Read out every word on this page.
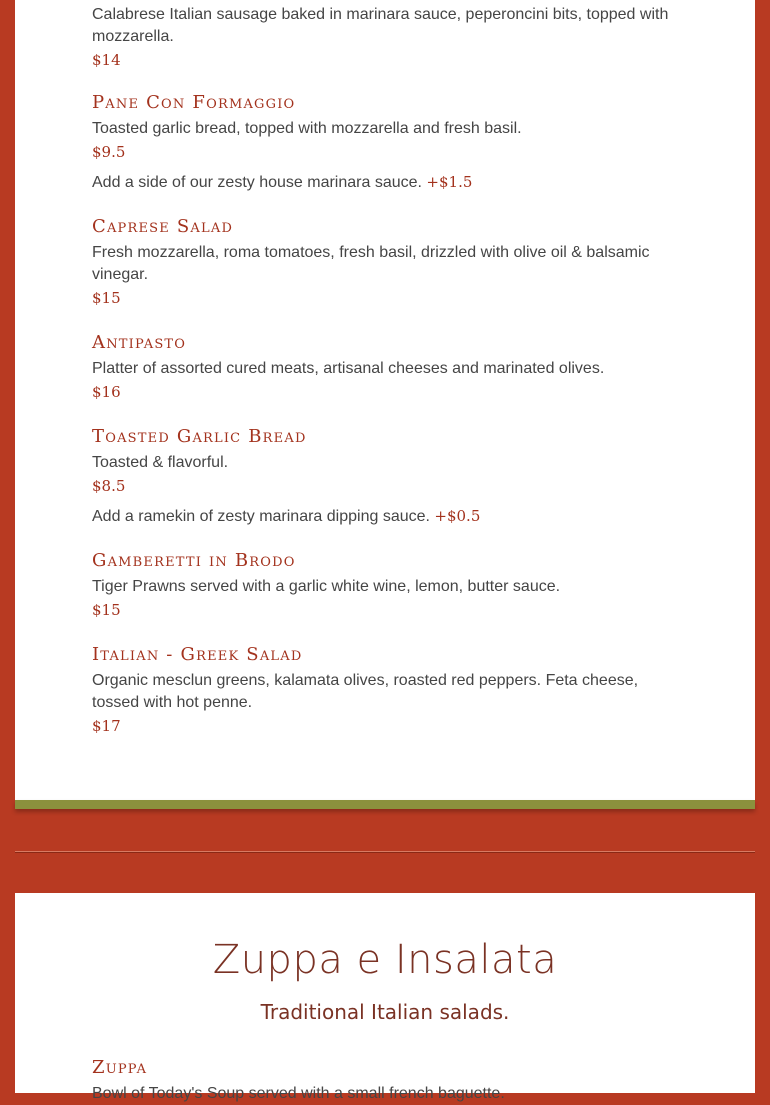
Calabrese Italian sausage baked in marinara sauce, peperoncini bits, topped with mozzarella.

$14
Pane Con Formaggio

Toasted garlic bread, topped with mozzarella and fresh basil.

$9.5
Add a side of our zesty house marinara sauce. +$1.5
Caprese Salad

Fresh mozzarella, roma tomatoes, fresh basil, drizzled with olive oil & balsamic vinegar.

$15
Antipasto

Platter of assorted cured meats, artisanal cheeses and marinated olives.

$16
Toasted Garlic Bread

Toasted & flavorful.

$8.5
Add a ramekin of zesty marinara dipping sauce. +$0.5
Gamberetti in Brodo

Tiger Prawns served with a garlic white wine, lemon, butter sauce.

$15
Italian - Greek Salad

Organic mesclun greens, kalamata olives, roasted red peppers. Feta cheese, tossed with hot penne.

$17
Zuppa e Insalata
Traditional Italian salads.
Zuppa

Bowl of Today's Soup served with a small french baguette.
